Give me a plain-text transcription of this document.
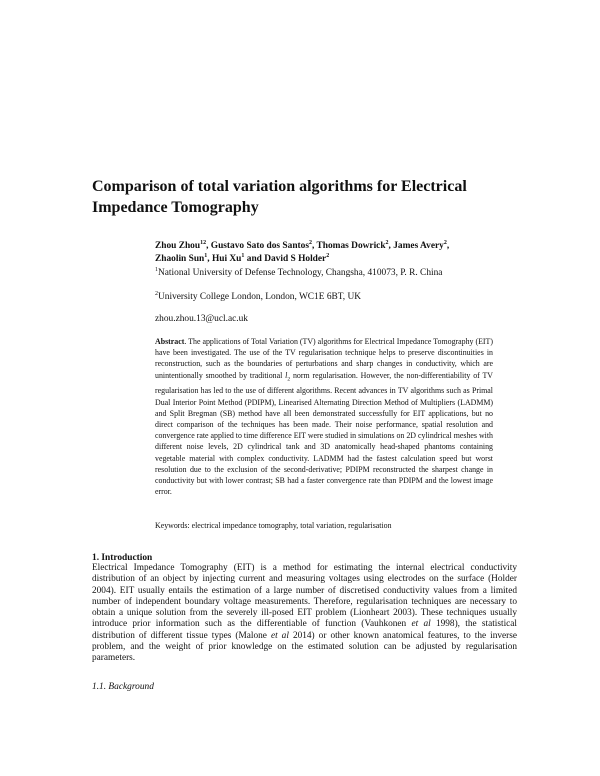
Comparison of total variation algorithms for Electrical Impedance Tomography
Zhou Zhou$^{12}$, Gustavo Sato dos Santos$^2$, Thomas Dowrick$^2$, James Avery$^2$,
Zhaolin Sun$^1$, Hui Xu$^1$ and David S Holder$^2$
$^1$National University of Defense Technology, Changsha, 410073, P. R. China
$^2$University College London, London, WC1E 6BT, UK
zhou.zhou.13@ucl.ac.uk

Abstract. The applications of Total Variation (TV) algorithms for Electrical Impedance Tomography (EIT) have been investigated. The use of the TV regularisation technique helps to preserve discontinuities in reconstruction, such as the boundaries of perturbations and sharp changes in conductivity, which are unintentionally smoothed by traditional $l_2$ norm regularisation. However, the non-differentiability of TV regularisation has led to the use of different algorithms. Recent advances in TV algorithms such as Primal Dual Interior Point Method (PDIPM), Linearised Alternating Direction Method of Multipliers (LADMM) and Split Bregman (SB) method have all been demonstrated successfully for EIT applications, but no direct comparison of the techniques has been made. Their noise performance, spatial resolution and convergence rate applied to time difference EIT were studied in simulations on 2D cylindrical meshes with different noise levels, 2D cylindrical tank and 3D anatomically head-shaped phantoms containing vegetable material with complex conductivity. LADMM had the fastest calculation speed but worst resolution due to the exclusion of the second-derivative; PDIPM reconstructed the sharpest change in conductivity but with lower contrast; SB had a faster convergence rate than PDIPM and the lowest image error.

Keywords: electrical impedance tomography, total variation, regularisation
1. Introduction

Electrical Impedance Tomography (EIT) is a method for estimating the internal electrical conductivity distribution of an object by injecting current and measuring voltages using electrodes on the surface (Holder 2004). EIT usually entails the estimation of a large number of discretised conductivity values from a limited number of independent boundary voltage measurements. Therefore, regularisation techniques are necessary to obtain a unique solution from the severely ill-posed EIT problem (Lionheart 2003). These techniques usually introduce prior information such as the differentiable of function (Vauhkonen et al 1998), the statistical distribution of different tissue types (Malone et al 2014) or other known anatomical features, to the inverse problem, and the weight of prior knowledge on the estimated solution can be adjusted by regularisation parameters.

1.1. Background
